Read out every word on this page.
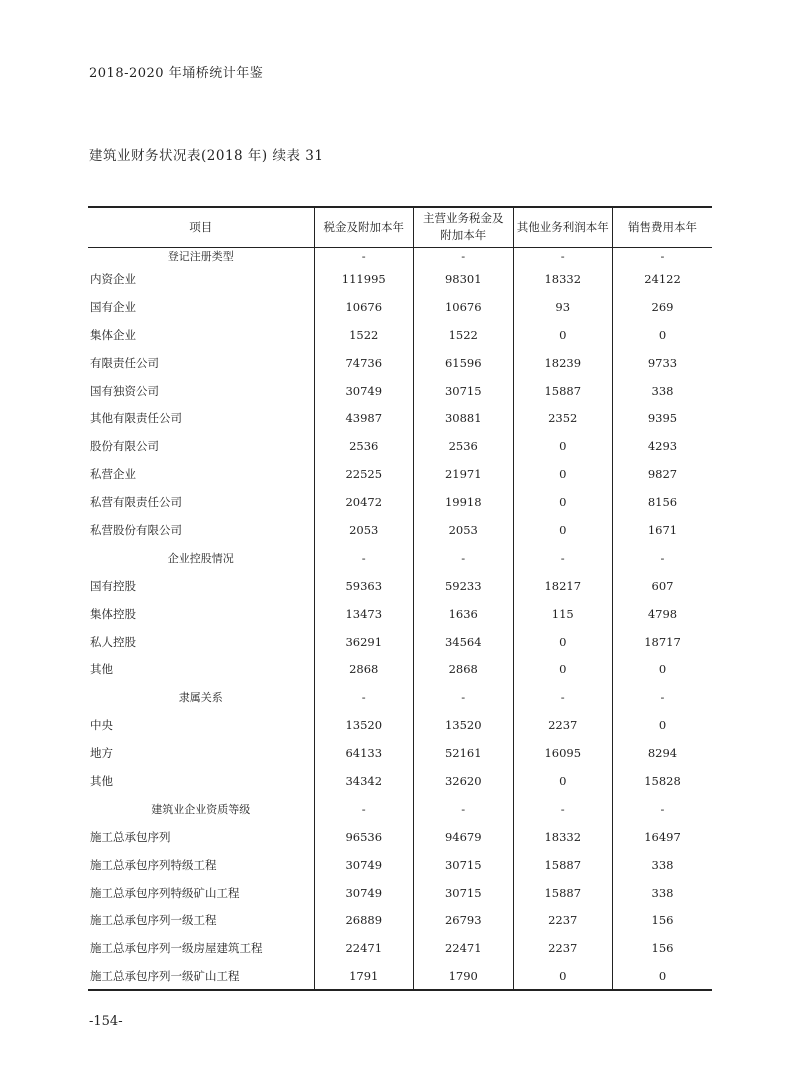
2018-2020 年埇桥统计年鉴
建筑业财务状况表(2018 年) 续表 31
项目	税金及附加本年	主营业务税金及附加本年	其他业务利润本年	销售费用本年
登记注册类型	-	-	-	-
内资企业	111995	98301	18332	24122
国有企业	10676	10676	93	269
集体企业	1522	1522	0	0
有限责任公司	74736	61596	18239	9733
国有独资公司	30749	30715	15887	338
其他有限责任公司	43987	30881	2352	9395
股份有限公司	2536	2536	0	4293
私营企业	22525	21971	0	9827
私营有限责任公司	20472	19918	0	8156
私营股份有限公司	2053	2053	0	1671
企业控股情况	-	-	-	-
国有控股	59363	59233	18217	607
集体控股	13473	1636	115	4798
私人控股	36291	34564	0	18717
其他	2868	2868	0	0
隶属关系	-	-	-	-
中央	13520	13520	2237	0
地方	64133	52161	16095	8294
其他	34342	32620	0	15828
建筑业企业资质等级	-	-	-	-
施工总承包序列	96536	94679	18332	16497
施工总承包序列特级工程	30749	30715	15887	338
施工总承包序列特级矿山工程	30749	30715	15887	338
施工总承包序列一级工程	26889	26793	2237	156
施工总承包序列一级房屋建筑工程	22471	22471	2237	156
施工总承包序列一级矿山工程	1791	1790	0	0
-154-
